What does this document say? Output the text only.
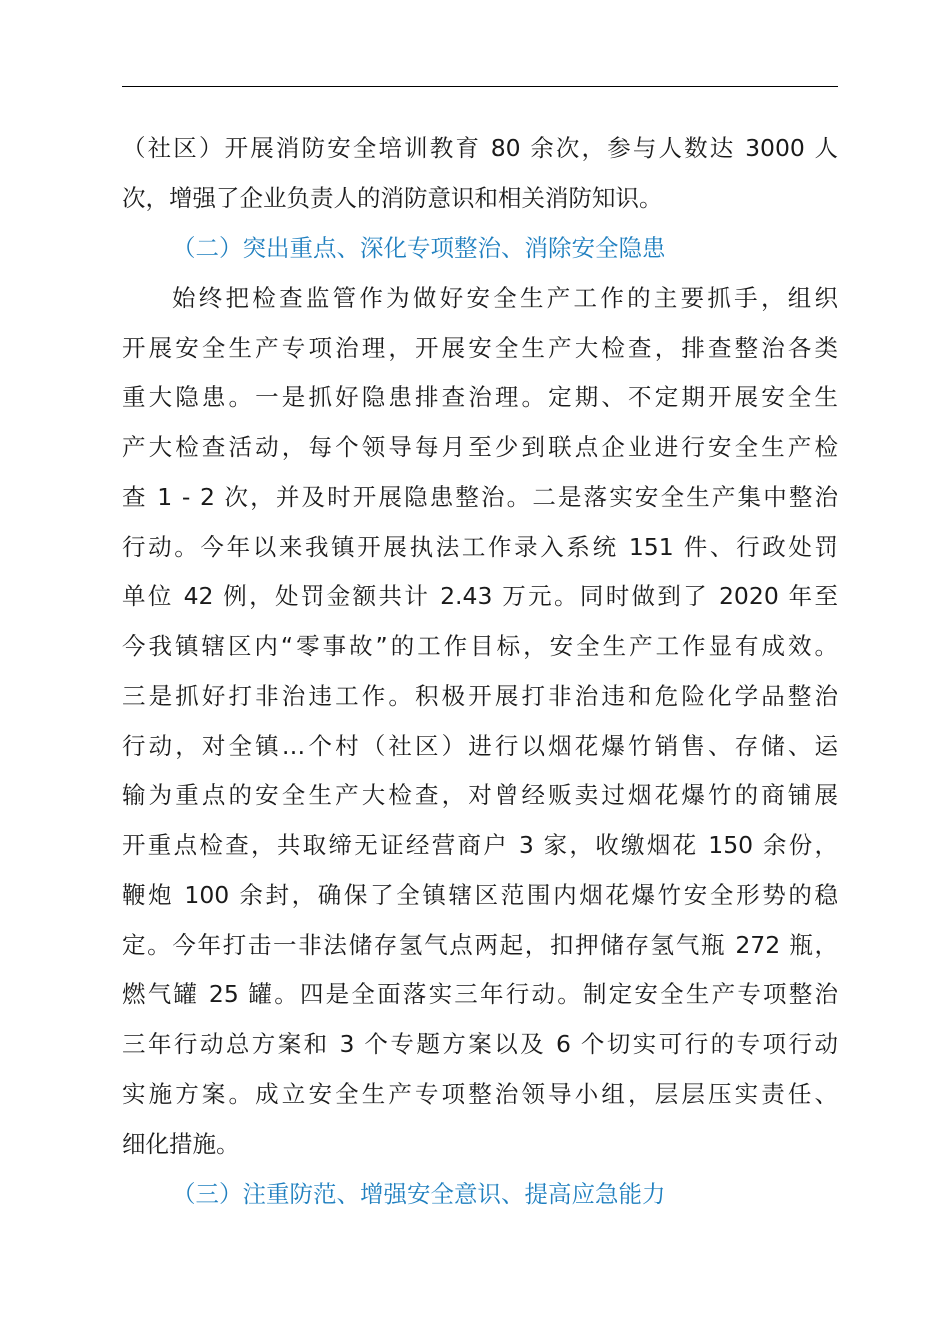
（社区）开展消防安全培训教育 80 余次，参与人数达 3000 人
次，增强了企业负责人的消防意识和相关消防知识。
（二）突出重点、深化专项整治、消除安全隐患
始终把检查监管作为做好安全生产工作的主要抓手，组织
开展安全生产专项治理，开展安全生产大检查，排查整治各类
重大隐患。一是抓好隐患排查治理。定期、不定期开展安全生
产大检查活动，每个领导每月至少到联点企业进行安全生产检
查 1 - 2 次，并及时开展隐患整治。二是落实安全生产集中整治
行动。今年以来我镇开展执法工作录入系统 151 件、行政处罚
单位 42 例，处罚金额共计 2.43 万元。同时做到了 2020 年至
今我镇辖区内“零事故”的工作目标，安全生产工作显有成效。
三是抓好打非治违工作。积极开展打非治违和危险化学品整治
行动，对全镇…个村（社区）进行以烟花爆竹销售、存储、运
输为重点的安全生产大检查，对曾经贩卖过烟花爆竹的商铺展
开重点检查，共取缔无证经营商户 3 家，收缴烟花 150 余份，
鞭炮 100 余封，确保了全镇辖区范围内烟花爆竹安全形势的稳
定。今年打击一非法储存氢气点两起，扣押储存氢气瓶 272 瓶，
燃气罐 25 罐。四是全面落实三年行动。制定安全生产专项整治
三年行动总方案和 3 个专题方案以及 6 个切实可行的专项行动
实施方案。成立安全生产专项整治领导小组，层层压实责任、
细化措施。
（三）注重防范、增强安全意识、提高应急能力
